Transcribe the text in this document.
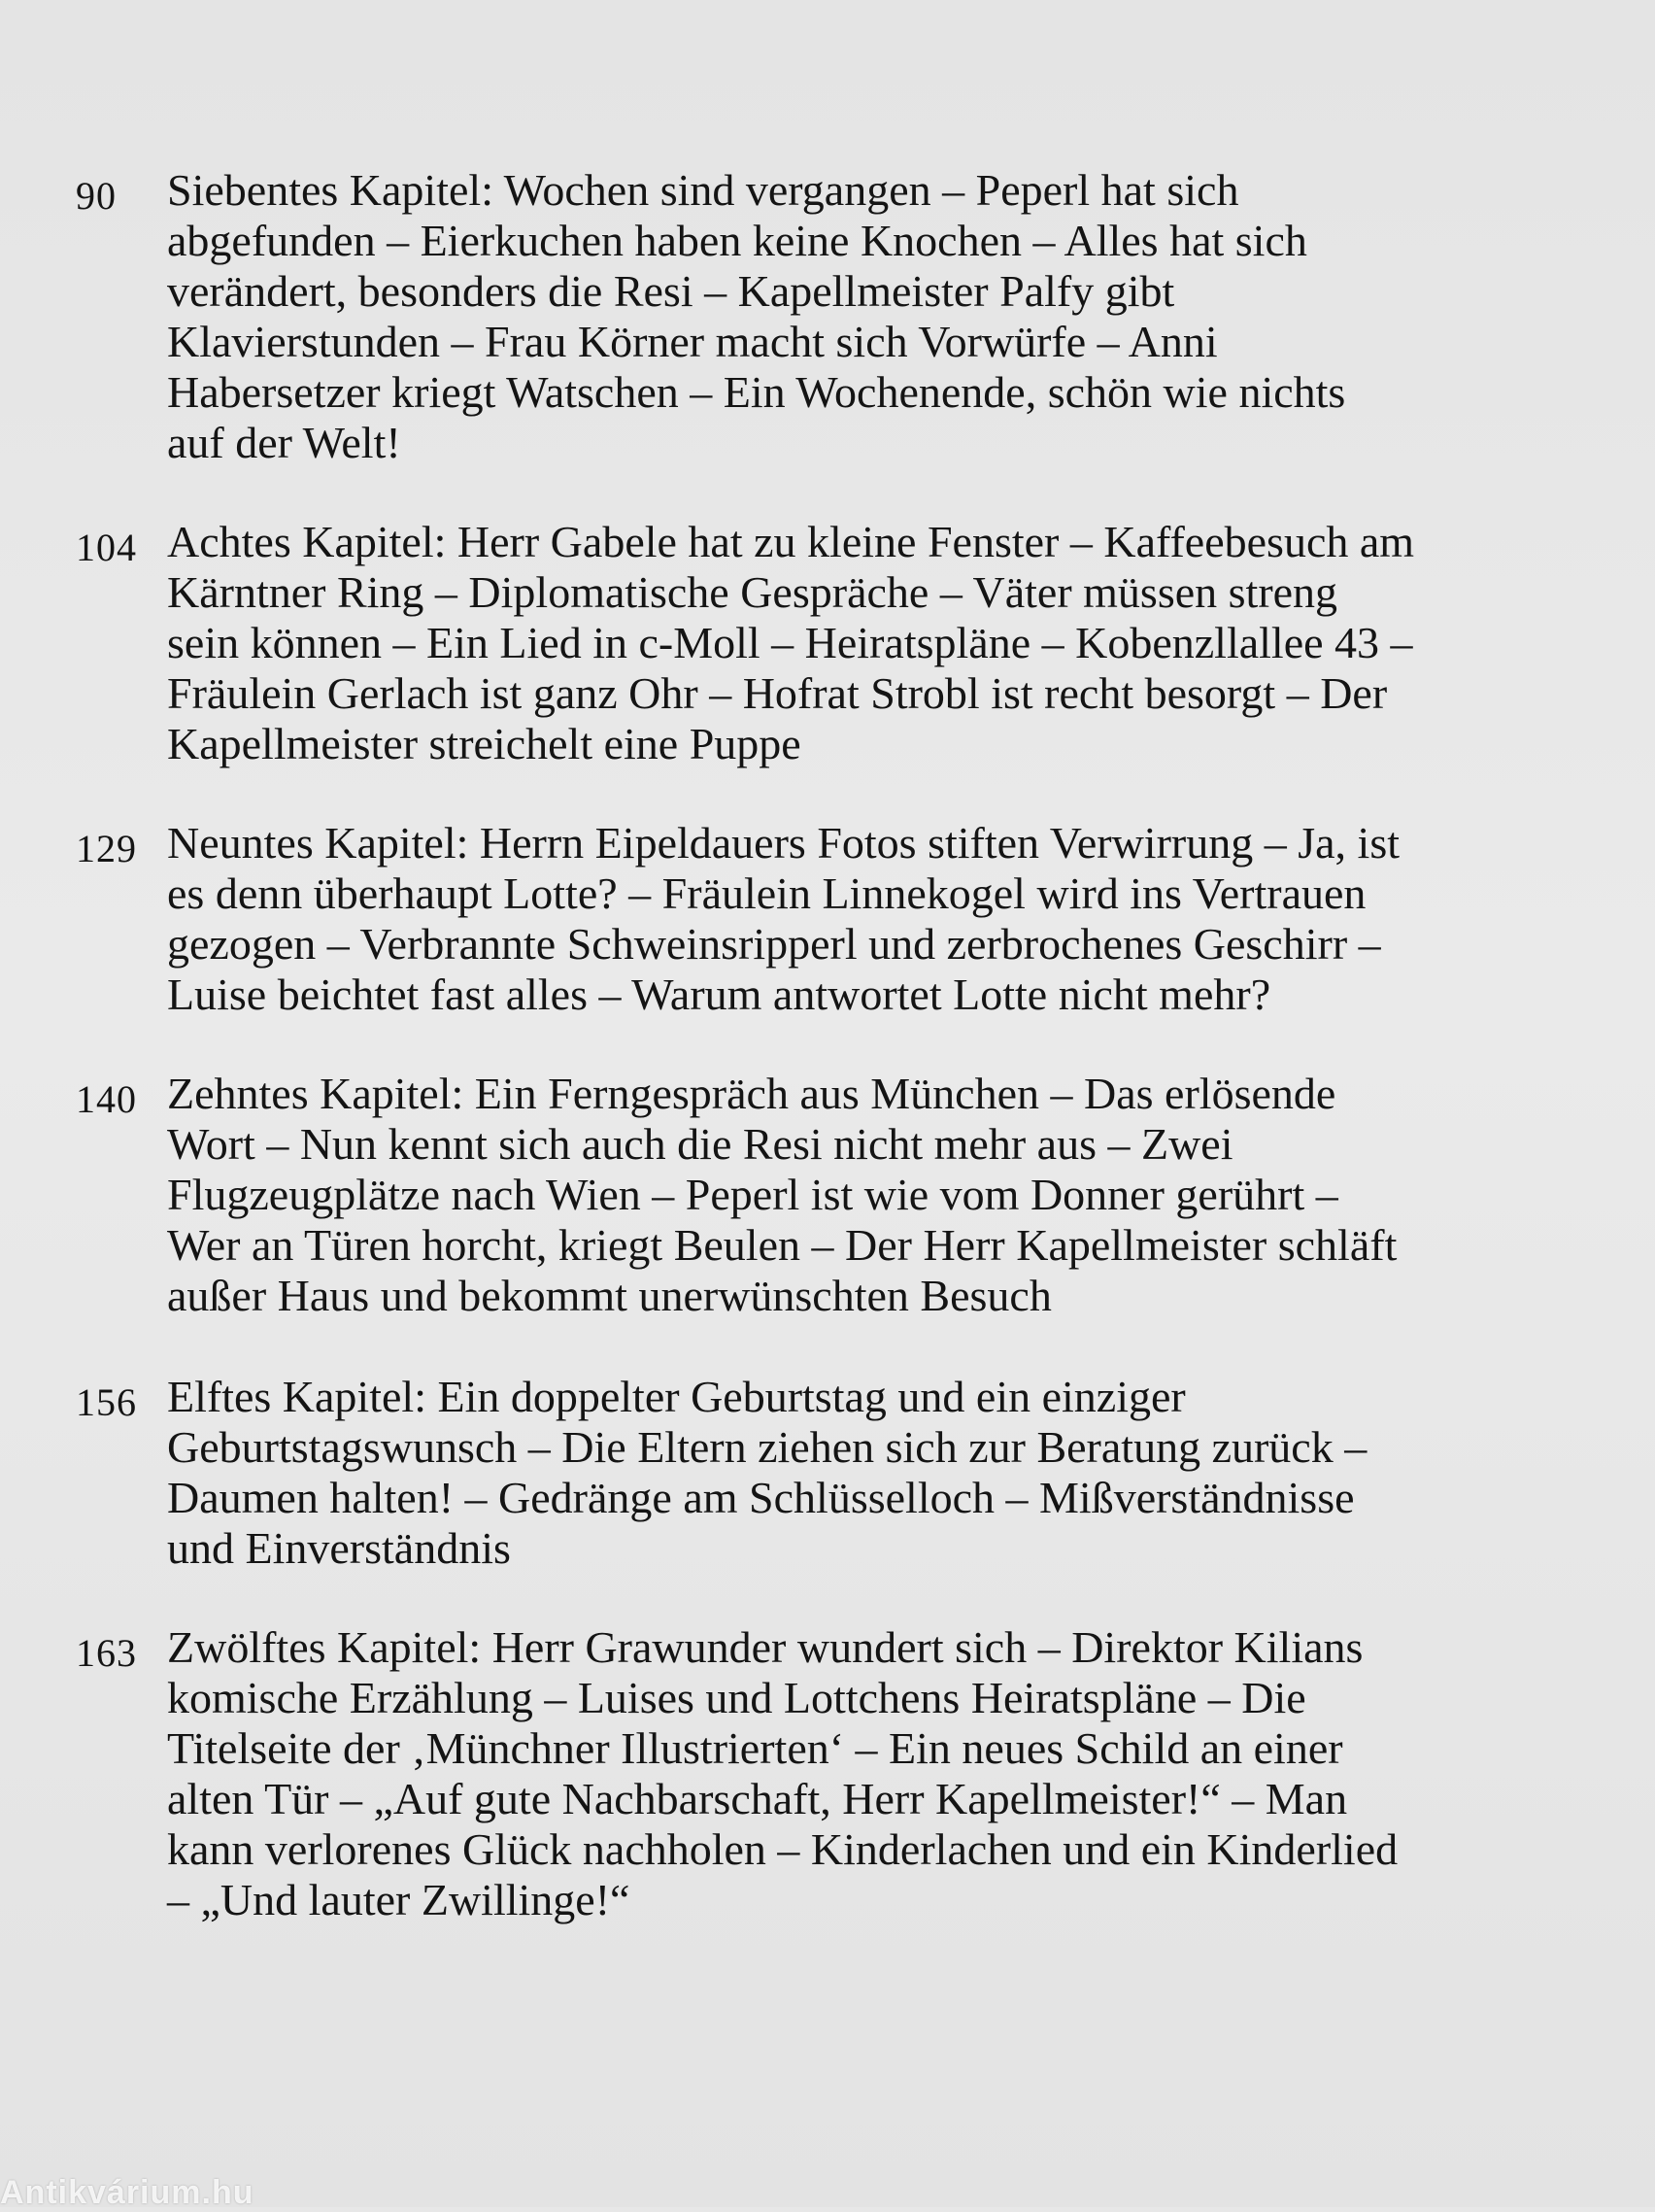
90	Siebentes Kapitel: Wochen sind vergangen – Peperl hat sich
abgefunden – Eierkuchen haben keine Knochen – Alles hat sich
verändert, besonders die Resi – Kapellmeister Palfy gibt
Klavierstunden – Frau Körner macht sich Vorwürfe – Anni
Habersetzer kriegt Watschen – Ein Wochenende, schön wie nichts
auf der Welt!
104 Achtes Kapitel: Herr Gabele hat zu kleine Fenster – Kaffeebesuch am
Kärntner Ring – Diplomatische Gespräche – Väter müssen streng
sein können – Ein Lied in c-Moll – Heiratspläne – Kobenzllallee 43 –
Fräulein Gerlach ist ganz Ohr – Hofrat Strobl ist recht besorgt – Der
Kapellmeister streichelt eine Puppe
129 Neuntes Kapitel: Herrn Eipeldauers Fotos stiften Verwirrung – Ja, ist
es denn überhaupt Lotte? – Fräulein Linnekogel wird ins Vertrauen
gezogen – Verbrannte Schweinsripperl und zerbrochenes Geschirr –
Luise beichtet fast alles – Warum antwortet Lotte nicht mehr?
140 Zehntes Kapitel: Ein Ferngespräch aus München – Das erlösende
Wort – Nun kennt sich auch die Resi nicht mehr aus – Zwei
Flugzeugplätze nach Wien – Peperl ist wie vom Donner gerührt –
Wer an Türen horcht, kriegt Beulen – Der Herr Kapellmeister schläft
außer Haus und bekommt unerwünschten Besuch
156 Elftes Kapitel: Ein doppelter Geburtstag und ein einziger
Geburtstagswunsch – Die Eltern ziehen sich zur Beratung zurück –
Daumen halten! – Gedränge am Schlüsselloch – Mißverständnisse
und Einverständnis
163 Zwölftes Kapitel: Herr Grawunder wundert sich – Direktor Kilians
komische Erzählung – Luises und Lottchens Heiratspläne – Die
Titelseite der ‚Münchner Illustrierten‘ – Ein neues Schild an einer
alten Tür – „Auf gute Nachbarschaft, Herr Kapellmeister!“ – Man
kann verlorenes Glück nachholen – Kinderlachen und ein Kinderlied
– „Und lauter Zwillinge!“
Antikvárium.hu
